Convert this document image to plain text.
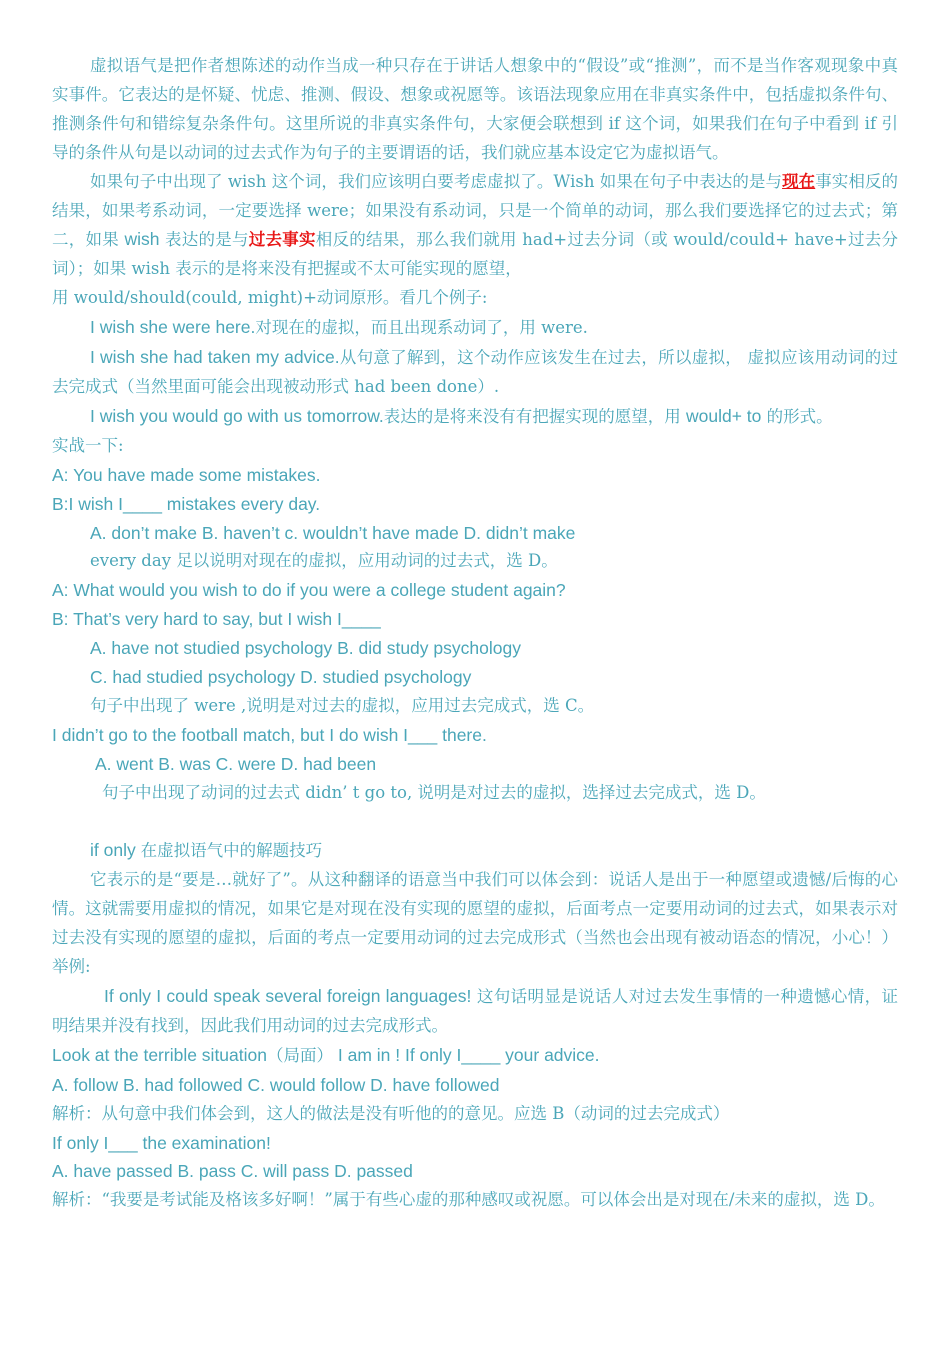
虚拟语气是把作者想陈述的动作当成一种只存在于讲话人想象中的“假设”或“推测”，而不是当作客观现象中真实事件。它表达的是怀疑、忧虑、推测、假设、想象或祝愿等。该语法现象应用在非真实条件中，包括虚拟条件句、推测条件句和错综复杂条件句。这里所说的非真实条件句，大家便会联想到 if 这个词，如果我们在句子中看到 if 引导的条件从句是以动词的过去式作为句子的主要谓语的话，我们就应基本设定它为虚拟语气。

如果句子中出现了 wish 这个词，我们应该明白要考虑虚拟了。Wish 如果在句子中表达的是与现在事实相反的结果，如果考系动词，一定要选择 were；如果没有系动词，只是一个简单的动词，那么我们要选择它的过去式；第二，如果 wish 表达的是与过去事实相反的结果，那么我们就用 had+过去分词（或 would/could+ have+过去分词）；如果 wish 表示的是将来没有把握或不太可能实现的愿望，

用 would/should(could, might)+动词原形。看几个例子:

I wish she were here.对现在的虚拟，而且出现系动词了，用 were.

I wish she had taken my advice.从句意了解到，这个动作应该发生在过去，所以虚拟， 虚拟应该用动词的过去完成式（当然里面可能会出现被动形式 had been done）.

I wish you would go with us tomorrow.表达的是将来没有有把握实现的愿望，用 would+ to 的形式。

实战一下:

A: You have made some mistakes.

B:I wish I____ mistakes every day.

A. don’t make B. haven’t c. wouldn’t have made D. didn’t make

every day 足以说明对现在的虚拟，应用动词的过去式，选 D。

A: What would you wish to do if you were a college student again?

B: That’s very hard to say, but I wish I____

A. have not studied psychology B. did study psychology

C. had studied psychology D. studied psychology

句子中出现了 were ,说明是对过去的虚拟，应用过去完成式，选 C。

I didn’t go to the football match, but I do wish I___ there.

A. went B. was C. were D. had been

句子中出现了动词的过去式 didn’ t go to, 说明是对过去的虚拟，选择过去完成式，选 D。

if only 在虚拟语气中的解题技巧

它表示的是“要是…就好了”。从这种翻译的语意当中我们可以体会到：说话人是出于一种愿望或遗憾/后悔的心情。这就需要用虚拟的情况，如果它是对现在没有实现的愿望的虚拟，后面考点一定要用动词的过去式，如果表示对过去没有实现的愿望的虚拟，后面的考点一定要用动词的过去完成形式（当然也会出现有被动语态的情况，小心！）举例:

If only I could speak several foreign languages! 这句话明显是说话人对过去发生事情的一种遗憾心情，证明结果并没有找到，因此我们用动词的过去完成形式。

Look at the terrible situation（局面） I am in ! If only I____ your advice.

A. follow B. had followed C. would follow D. have followed

解析：从句意中我们体会到，这人的做法是没有听他的的意见。应选 B（动词的过去完成式）

If only I___ the examination!

A. have passed B. pass C. will pass D. passed

解析：“我要是考试能及格该多好啊！”属于有些心虚的那种感叹或祝愿。可以体会出是对现在/未来的虚拟，选 D。
